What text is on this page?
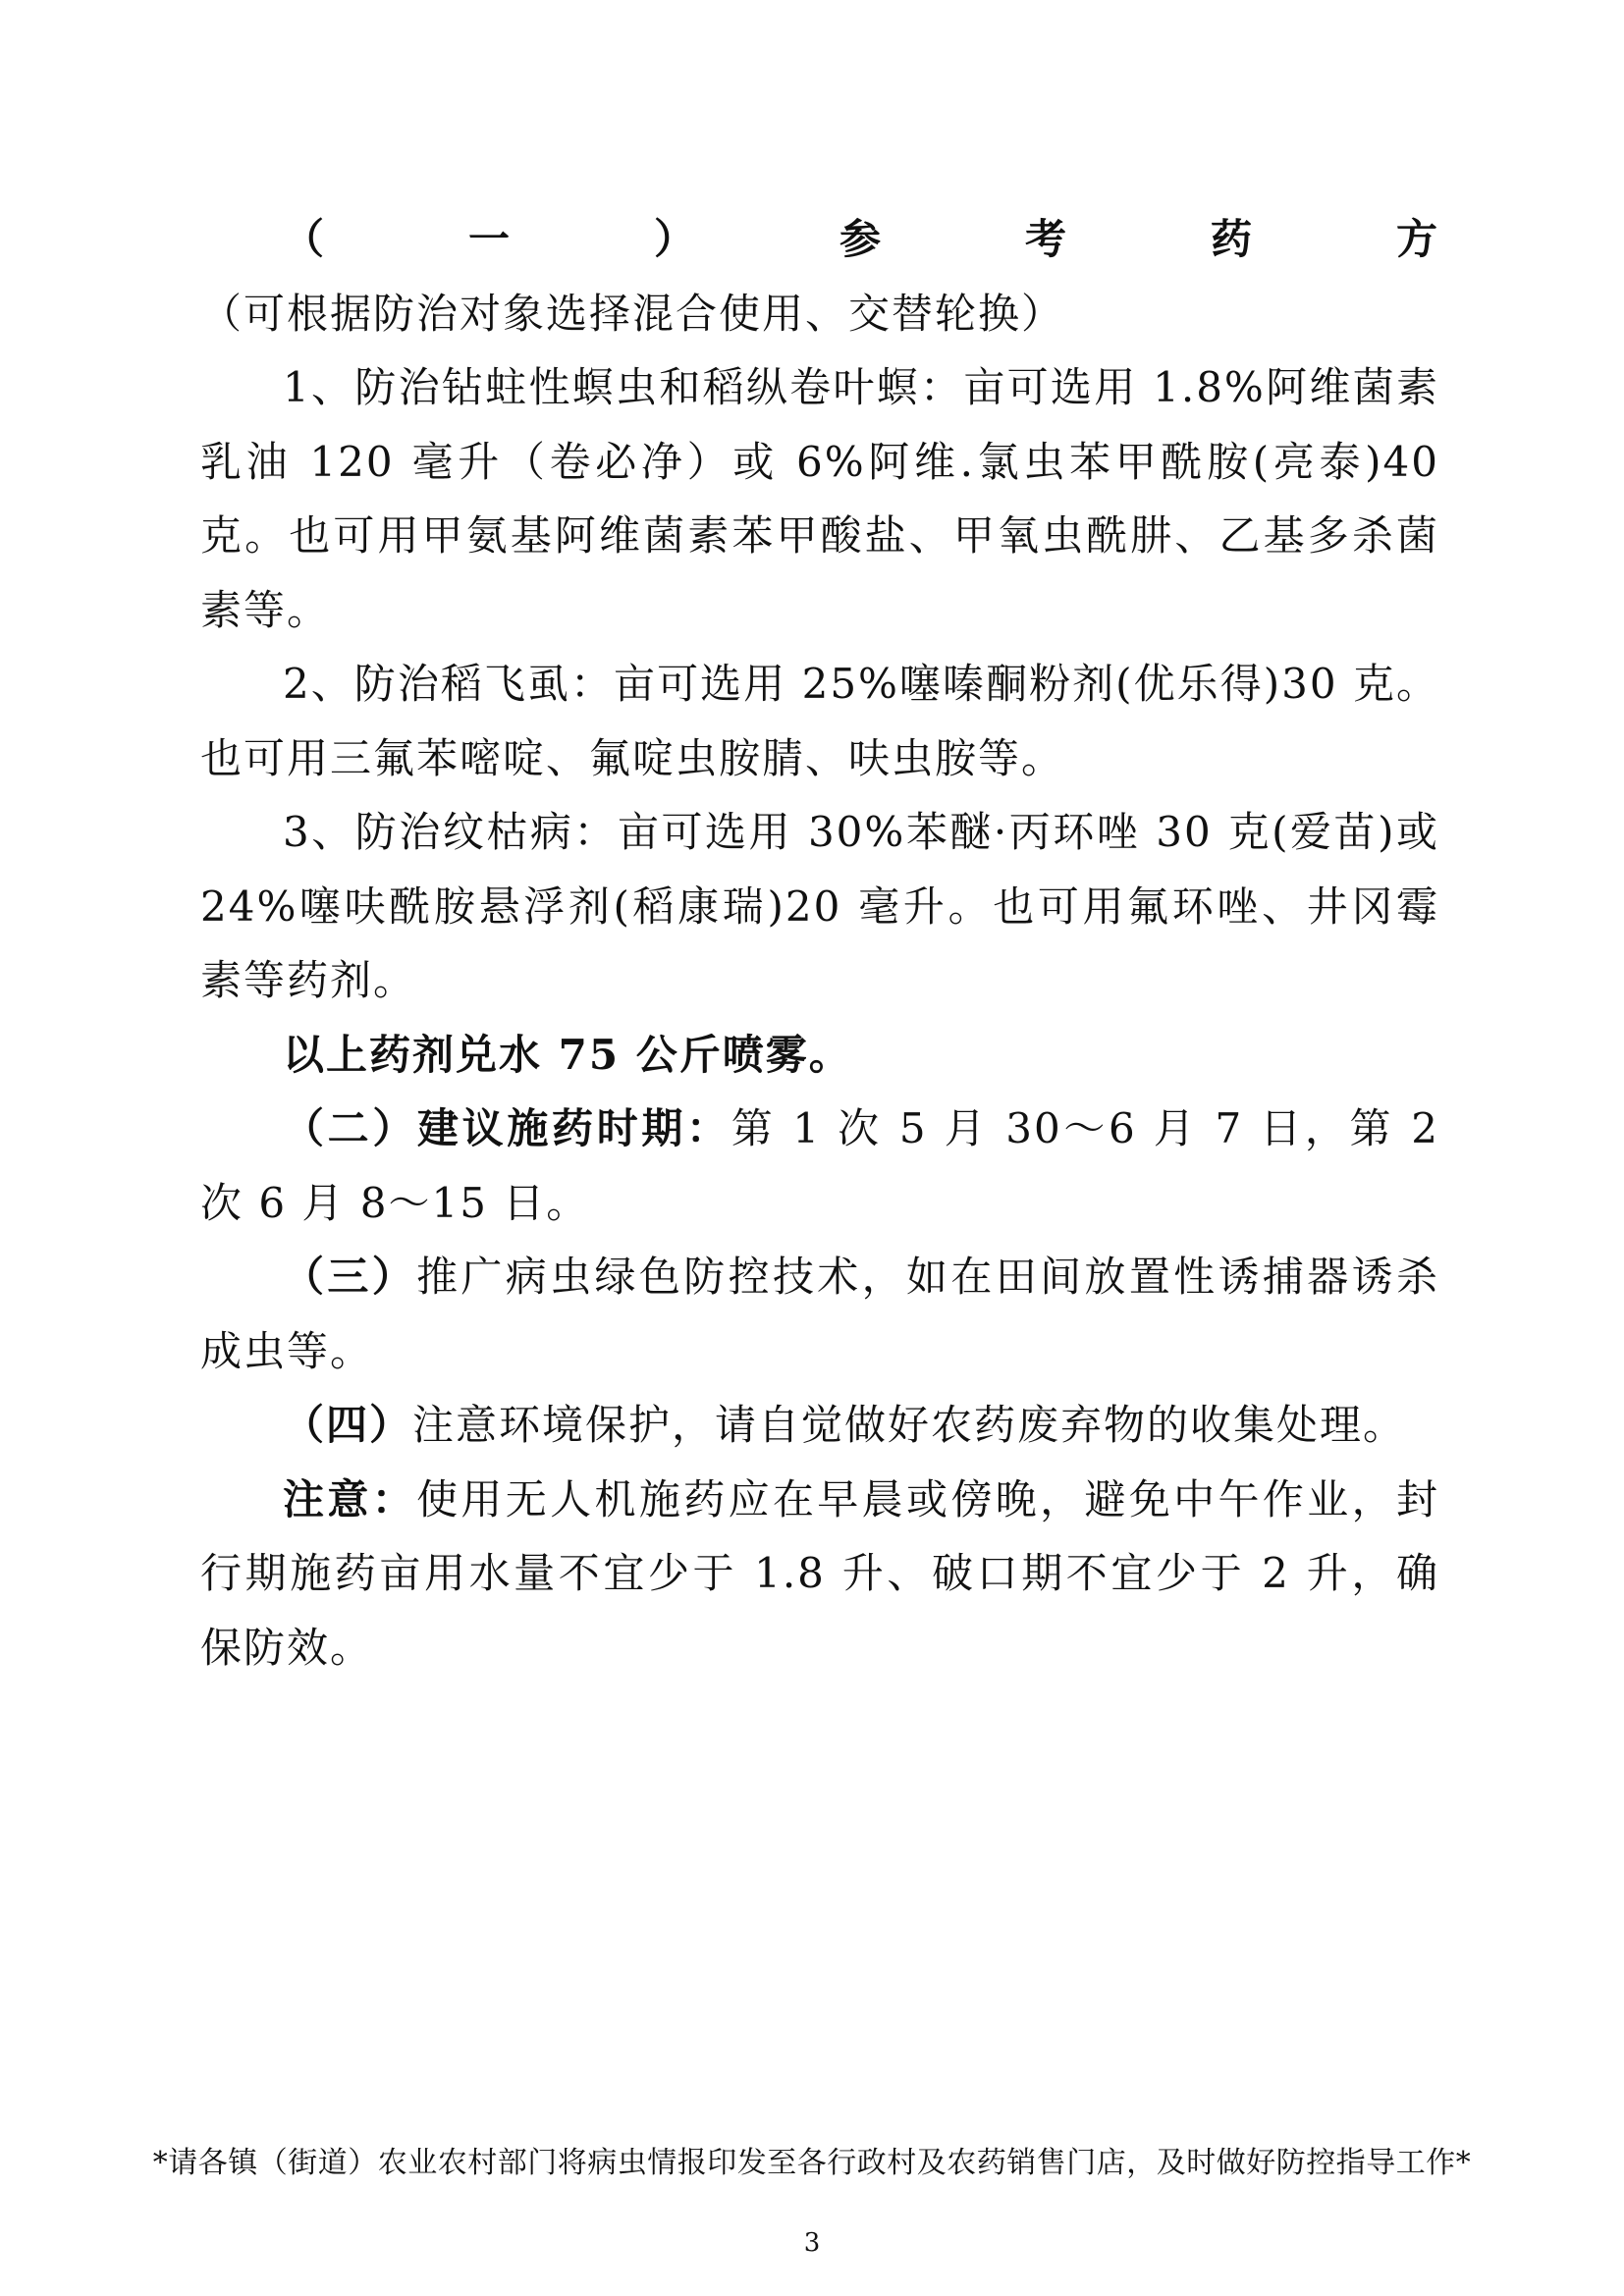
（一）参考药方（可根据防治对象选择混合使用、交替轮换）

1、防治钻蛀性螟虫和稻纵卷叶螟：亩可选用 1.8%阿维菌素乳油 120 毫升（卷必净）或 6%阿维.氯虫苯甲酰胺(亮泰)40 克。也可用甲氨基阿维菌素苯甲酸盐、甲氧虫酰肼、乙基多杀菌素等。

2、防治稻飞虱：亩可选用 25%噻嗪酮粉剂(优乐得)30 克。也可用三氟苯嘧啶、氟啶虫胺腈、呋虫胺等。

3、防治纹枯病：亩可选用 30%苯醚·丙环唑 30 克(爱苗)或 24%噻呋酰胺悬浮剂(稻康瑞)20 毫升。也可用氟环唑、井冈霉素等药剂。

以上药剂兑水 75 公斤喷雾。

（二）建议施药时期：第 1 次 5 月 30～6 月 7 日，第 2 次 6 月 8～15 日。

（三）推广病虫绿色防控技术，如在田间放置性诱捕器诱杀成虫等。

（四）注意环境保护，请自觉做好农药废弃物的收集处理。

注意：使用无人机施药应在早晨或傍晚，避免中午作业，封行期施药亩用水量不宜少于 1.8 升、破口期不宜少于 2 升，确保防效。

*请各镇（街道）农业农村部门将病虫情报印发至各行政村及农药销售门店，及时做好防控指导工作*
3
